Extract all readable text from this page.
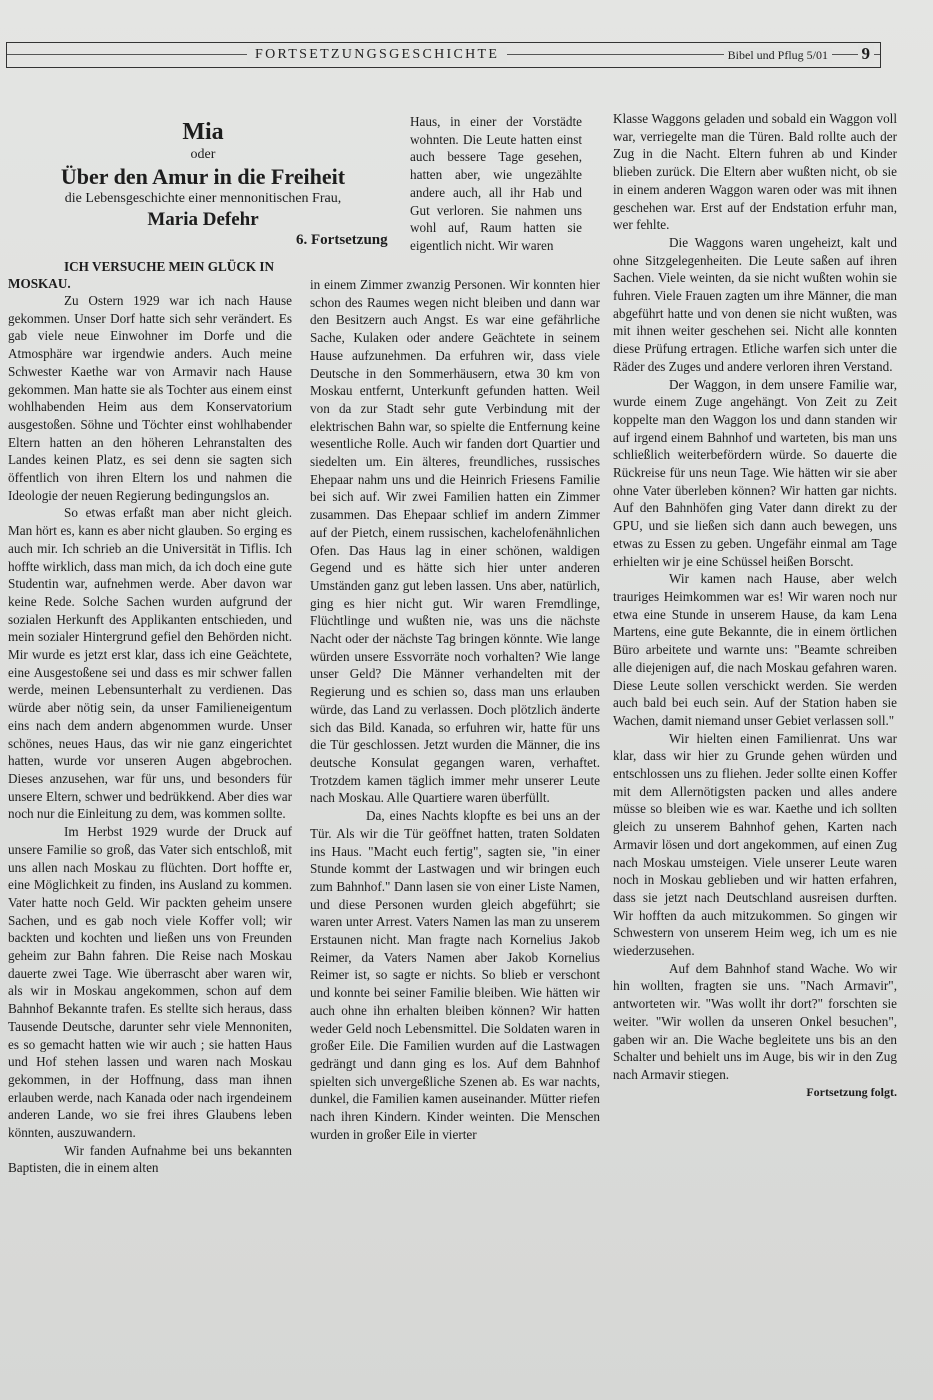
FORTSETZUNGSGESCHICHTE	Bibel und Pflug 5/01 9
Mia
oder
Über den Amur in die Freiheit
die Lebensgeschichte einer mennonitischen Frau,
Maria Defehr
6. Fortsetzung

Haus, in einer der Vorstädte wohnten. Die Leute hatten einst auch bessere Tage gesehen, hatten aber, wie ungezählte andere auch, all ihr Hab und Gut verloren. Sie nahmen uns wohl auf, Raum hatten sie eigentlich nicht. Wir waren

ICH VERSUCHE MEIN GLÜCK IN MOSKAU.

Zu Ostern 1929 war ich nach Hause gekommen. Unser Dorf hatte sich sehr verändert. Es gab viele neue Einwohner im Dorfe und die Atmosphäre war irgendwie anders. Auch meine Schwester Kaethe war von Armavir nach Hause gekommen. Man hatte sie als Tochter aus einem einst wohlhabenden Heim aus dem Konservatorium ausgestoßen. Söhne und Töchter einst wohlhabender Eltern hatten an den höheren Lehranstalten des Landes keinen Platz, es sei denn sie sagten sich öffentlich von ihren Eltern los und nahmen die Ideologie der neuen Regierung bedingungslos an.

So etwas erfaßt man aber nicht gleich. Man hört es, kann es aber nicht glauben. So erging es auch mir. Ich schrieb an die Universität in Tiflis. Ich hoffte wirklich, dass man mich, da ich doch eine gute Studentin war, aufnehmen werde. Aber davon war keine Rede. Solche Sachen wurden aufgrund der sozialen Herkunft des Applikanten entschieden, und mein sozialer Hintergrund gefiel den Behörden nicht. Mir wurde es jetzt erst klar, dass ich eine Geächtete, eine Ausgestoßene sei und dass es mir schwer fallen werde, meinen Lebensunterhalt zu verdienen. Das würde aber nötig sein, da unser Familieneigentum eins nach dem andern abgenommen wurde. Unser schönes, neues Haus, das wir nie ganz eingerichtet hatten, wurde vor unseren Augen abgebrochen. Dieses anzusehen, war für uns, und besonders für unsere Eltern, schwer und bedrükkend. Aber dies war noch nur die Einleitung zu dem, was kommen sollte.

Im Herbst 1929 wurde der Druck auf unsere Familie so groß, das Vater sich entschloß, mit uns allen nach Moskau zu flüchten. Dort hoffte er, eine Möglichkeit zu finden, ins Ausland zu kommen. Vater hatte noch Geld. Wir packten geheim unsere Sachen, und es gab noch viele Koffer voll; wir backten und kochten und ließen uns von Freunden geheim zur Bahn fahren. Die Reise nach Moskau dauerte zwei Tage. Wie überrascht aber waren wir, als wir in Moskau angekommen, schon auf dem Bahnhof Bekannte trafen. Es stellte sich heraus, dass Tausende Deutsche, darunter sehr viele Mennoniten, es so gemacht hatten wie wir auch ; sie hatten Haus und Hof stehen lassen und waren nach Moskau gekommen, in der Hoffnung, dass man ihnen erlauben werde, nach Kanada oder nach irgendeinem anderen Lande, wo sie frei ihres Glaubens leben könnten, auszuwandern.

Wir fanden Aufnahme bei uns bekannten Baptisten, die in einem alten

in einem Zimmer zwanzig Personen. Wir konnten hier schon des Raumes wegen nicht bleiben und dann war den Besitzern auch Angst. Es war eine gefährliche Sache, Kulaken oder andere Geächtete in seinem Hause aufzunehmen. Da erfuhren wir, dass viele Deutsche in den Sommerhäusern, etwa 30 km von Moskau entfernt, Unterkunft gefunden hatten. Weil von da zur Stadt sehr gute Verbindung mit der elektrischen Bahn war, so spielte die Entfernung keine wesentliche Rolle. Auch wir fanden dort Quartier und siedelten um. Ein älteres, freundliches, russisches Ehepaar nahm uns und die Heinrich Friesens Familie bei sich auf. Wir zwei Familien hatten ein Zimmer zusammen. Das Ehepaar schlief im andern Zimmer auf der Pietch, einem russischen, kachelofenähnlichen Ofen. Das Haus lag in einer schönen, waldigen Gegend und es hätte sich hier unter anderen Umständen ganz gut leben lassen. Uns aber, natürlich, ging es hier nicht gut. Wir waren Fremdlinge, Flüchtlinge und wußten nie, was uns die nächste Nacht oder der nächste Tag bringen könnte. Wie lange würden unsere Essvorräte noch vorhalten? Wie lange unser Geld? Die Männer verhandelten mit der Regierung und es schien so, dass man uns erlauben würde, das Land zu verlassen. Doch plötzlich änderte sich das Bild. Kanada, so erfuhren wir, hatte für uns die Tür geschlossen. Jetzt wurden die Männer, die ins deutsche Konsulat gegangen waren, verhaftet. Trotzdem kamen täglich immer mehr unserer Leute nach Moskau. Alle Quartiere waren überfüllt.

Da, eines Nachts klopfte es bei uns an der Tür. Als wir die Tür geöffnet hatten, traten Soldaten ins Haus. "Macht euch fertig", sagten sie, "in einer Stunde kommt der Lastwagen und wir bringen euch zum Bahnhof." Dann lasen sie von einer Liste Namen, und diese Personen wurden gleich abgeführt; sie waren unter Arrest. Vaters Namen las man zu unserem Erstaunen nicht. Man fragte nach Kornelius Jakob Reimer, da Vaters Namen aber Jakob Kornelius Reimer ist, so sagte er nichts. So blieb er verschont und konnte bei seiner Familie bleiben. Wie hätten wir auch ohne ihn erhalten bleiben können? Wir hatten weder Geld noch Lebensmittel. Die Soldaten waren in großer Eile. Die Familien wurden auf die Lastwagen gedrängt und dann ging es los. Auf dem Bahnhof spielten sich unvergeßliche Szenen ab. Es war nachts, dunkel, die Familien kamen auseinander. Mütter riefen nach ihren Kindern. Kinder weinten. Die Menschen wurden in großer Eile in vierter

Klasse Waggons geladen und sobald ein Waggon voll war, verriegelte man die Türen. Bald rollte auch der Zug in die Nacht. Eltern fuhren ab und Kinder blieben zurück. Die Eltern aber wußten nicht, ob sie in einem anderen Waggon waren oder was mit ihnen geschehen war. Erst auf der Endstation erfuhr man, wer fehlte.

Die Waggons waren ungeheizt, kalt und ohne Sitzgelegenheiten. Die Leute saßen auf ihren Sachen. Viele weinten, da sie nicht wußten wohin sie fuhren. Viele Frauen zagten um ihre Männer, die man abgeführt hatte und von denen sie nicht wußten, was mit ihnen weiter geschehen sei. Nicht alle konnten diese Prüfung ertragen. Etliche warfen sich unter die Räder des Zuges und andere verloren ihren Verstand.

Der Waggon, in dem unsere Familie war, wurde einem Zuge angehängt. Von Zeit zu Zeit koppelte man den Waggon los und dann standen wir auf irgend einem Bahnhof und warteten, bis man uns schließlich weiterbefördern würde. So dauerte die Rückreise für uns neun Tage. Wie hätten wir sie aber ohne Vater überleben können? Wir hatten gar nichts. Auf den Bahnhöfen ging Vater dann direkt zu der GPU, und sie ließen sich dann auch bewegen, uns etwas zu Essen zu geben. Ungefähr einmal am Tage erhielten wir je eine Schüssel heißen Borscht.

Wir kamen nach Hause, aber welch trauriges Heimkommen war es! Wir waren noch nur etwa eine Stunde in unserem Hause, da kam Lena Martens, eine gute Bekannte, die in einem örtlichen Büro arbeitete und warnte uns: "Beamte schreiben alle diejenigen auf, die nach Moskau gefahren waren. Diese Leute sollen verschickt werden. Sie werden auch bald bei euch sein. Auf der Station haben sie Wachen, damit niemand unser Gebiet verlassen soll."

Wir hielten einen Familienrat. Uns war klar, dass wir hier zu Grunde gehen würden und entschlossen uns zu fliehen. Jeder sollte einen Koffer mit dem Allernötigsten packen und alles andere müsse so bleiben wie es war. Kaethe und ich sollten gleich zu unserem Bahnhof gehen, Karten nach Armavir lösen und dort angekommen, auf einen Zug nach Moskau umsteigen. Viele unserer Leute waren noch in Moskau geblieben und wir hatten erfahren, dass sie jetzt nach Deutschland ausreisen durften. Wir hofften da auch mitzukommen. So gingen wir Schwestern von unserem Heim weg, ich um es nie wiederzusehen.

Auf dem Bahnhof stand Wache. Wo wir hin wollten, fragten sie uns. "Nach Armavir", antworteten wir. "Was wollt ihr dort?" forschten sie weiter. "Wir wollen da unseren Onkel besuchen", gaben wir an. Die Wache begleitete uns bis an den Schalter und behielt uns im Auge, bis wir in den Zug nach Armavir stiegen.

Fortsetzung folgt.
